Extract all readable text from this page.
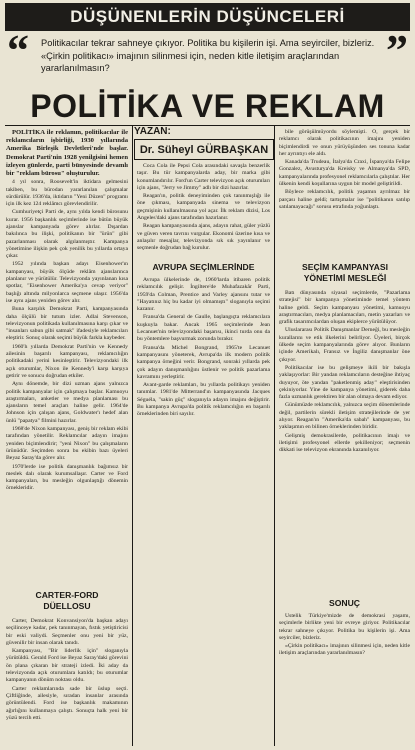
DÜŞÜNENLERİN DÜŞÜNCELERİ
“ Politikacılar tekrar sahneye çıkıyor. Politika bu kişilerin işi. Ama seyirciler, bizleriz. «Çirkin politikacı» imajının silinmesi için, neden kitle iletişim araçlarından yararlanılmasın?	”
POLİTİKA VE REKLAM
YAZAN:
Dr. Süheyl GÜRBAŞKAN

POLİTİKA ile reklamın, politikacılar ile reklamcıların işbirliği, 1930 yıllarında Amerika Birleşik Devletleri'nde başlar. Demokrat Parti'nin 1928 yenilgisini hemen izleyen günlerde, parti bünyesinde devamlı bir "reklam bürosu" oluşturulur.

4 yıl sonra, Roosevelt'in iktidara gelmesini takiben, bu bürodan yararlanılan çalışmalar sürdürülür. 1936'da, iktidarın "Yeni Düzen" programı için ilk kez 124 reklâmcı görevlendirilir.

Cumhuriyetçi Parti de, aynı yılda kendi bürosunu kurar. 1956 başkanlık seçimlerinde ise bütün büyük ajanslar kampanyada görev alırlar. Dışardan bakılınca bu ilişki, politikanın bir "ürün" gibi pazarlanması olarak algılanmıştır. Kampanya yönetimine ilişkin pek çok yenilik bu yıllarda ortaya çıkar.

1952 yılında başkan adayı Eisenhower'ın kampanyası, büyük ölçüde reklâm ajanslarınca planlanır ve yürütülür. Televizyonda yayınlanan kısa spotlar, "Eisenhower Amerika'ya cevap veriyor" başlığı altında milyonlarca seçmene ulaşır. 1956'da ise aynı ajans yeniden görev alır.

Buna karşılık Demokrat Parti, kampanyasında daha ölçülü bir tutum izler. Adlai Stevenson, televizyonun politikada kullanılmasına karşı çıkar ve "insanları sabun gibi satmak" ifadesiyle reklamcıları eleştirir. Sonuç olarak seçimi büyük farkla kaybeder.

1960'lı yıllarda Demokrat Parti'nin ve Kennedy ailesinin başarılı kampanyası, reklamcılığın politikadaki yerini kesinleştirir. Televizyondaki ilk açık oturumlar, Nixon ile Kennedy'i karşı karşıya getirir ve sonucu doğrudan etkiler.

Aynı dönemde, bir dizi uzman ajans yalnızca politik kampanyalar için çalışmaya başlar. Kamuoyu araştırmaları, anketler ve medya planlaması bu ajansların temel araçları haline gelir. 1964'de Johnson için çalışan ajans, Goldwater'ı hedef alan ünlü "papatya" filmini hazırlar.

1968'de Nixon kampanyası, geniş bir reklam ekibi tarafından yönetilir. Reklamcılar adayın imajını yeniden biçimlendirir; "yeni Nixon" bu çalışmaların ürünüdür. Seçimden sonra bu ekibin bazı üyeleri Beyaz Saray'da görev alır.

1970'lerde ise politik danışmanlık bağımsız bir meslek dalı olarak kurumsallaşır. Carter ve Ford kampanyaları, bu mesleğin olgunlaştığı dönemin örnekleridir.

CARTER-FORD DÜELLOSU

Carter, Demokrat Konvansiyon'da başkan adayı seçilinceye kadar, pek tanınmayan, fıstık yetiştiricisi bir eski valiydi. Seçmenler onu yeni bir yüz, güvenilir bir insan olarak tanıdı.

Kampanyası, "Bir liderlik için" sloganıyla yürütüldü. Gerald Ford ise Beyaz Saray'daki görevini ön plana çıkaran bir strateji izledi. İki aday da televizyonda açık oturumlara katıldı; bu oturumlar kampanyanın dönüm noktası oldu.

Carter reklamlarında sade bir üslup seçti. Çiftliğinde, ailesiyle, sıradan insanlar arasında görüntülendi. Ford ise başkanlık makamının ağırlığını kullanmaya çalıştı. Sonuçta halk yeni bir yüzü tercih etti.

Coca Cola ile Pepsi Cola arasındaki savaşla benzerlik taşır. Bu tür kampanyalarda aday, bir marka gibi konumlandırılır. Ford'un Carter televizyon açık oturumları için ajans, "Jerry ve Jimmy" adlı bir dizi hazırlar.

Reagan'ın, politik deneyiminden çok tanınmışlığı ile öne çıkması, kampanyada sinema ve televizyon geçmişinin kullanılmasına yol açar. İlk reklam dizisi, Los Angeles'daki ajans tarafından hazırlanır.

Reagan kampanyasında ajans, adayın rahat, güler yüzlü ve güven veren tavrını vurgular. Ekonomi üzerine kısa ve anlaşılır mesajlar, televizyonda sık sık yayınlanır ve seçmenle doğrudan bağ kurulur.

AVRUPA SEÇİMLERİNDE

Avrupa ülkelerinde de, 1960'larda itibaren politik reklamcılık gelişir. İngiltere'de Muhafazakâr Parti, 1959'da Colman, Prentice and Varley ajansını tutar ve "Hayatınız hiç bu kadar iyi olmamıştı" sloganıyla seçimi kazanır.

Fransa'da General de Gaulle, başlangıçta reklamcılara kuşkuyla bakar. Ancak 1965 seçimlerinde Jean Lecanuet'nin televizyondaki başarısı, ikinci turda onu da bu yöntemlere başvurmak zorunda bırakır.

Fransa'da Michel Bongrand, 1965'te Lecanuet kampanyasını yöneterek, Avrupa'da ilk modern politik kampanya örneğini verir. Bongrand, sonraki yıllarda pek çok adayın danışmanlığını üstlenir ve politik pazarlama kavramını yerleştirir.

Avant-garde reklamları, bu yıllarda politikayı yeniden tanımlar. 1981'de Mitterrand'ın kampanyasında Jacques Séguéla, "sakin güç" sloganıyla adayın imajını değiştirir. Bu kampanya Avrupa'da politik reklamcılığın en başarılı örneklerinden biri sayılır.

bile görüşülmüyordu söylemişti. O, gerçek bir reklamcı olarak politikacının imajını yeniden biçimlendirdi ve onun yürüyüşünden ses tonuna kadar her ayrıntıyı ele aldı.

Kanada'da Trudeau, İtalya'da Craxi, İspanya'da Felipe Gonzalez, Avusturya'da Kreisky ve Almanya'da SPD, kampanyalarında profesyonel reklamcılarla çalıştılar. Her ülkenin kendi koşullarına uygun bir model geliştirildi.

Böylece reklamcılık, politik yaşamın ayrılmaz bir parçası haline geldi; tartışmalar ise "politikanın satılıp satılamayacağı" sorusu etrafında yoğunlaştı.

SEÇİM KAMPANYASI YÖNETİMİ MESLEĞİ

Batı dünyasında siyasal seçimlerde, "Pazarlama stratejisi" bir kampanya yönetiminde temel yöntem haline geldi. Seçim kampanyası yönetimi, kamuoyu araştırmacıları, medya planlamacıları, metin yazarları ve grafik tasarımcılardan oluşan ekiplerce yürütülüyor.

Uluslararası Politik Danışmanlar Derneği, bu mesleğin kurallarını ve etik ilkelerini belirliyor. Üyeleri, birçok ülkede seçim kampanyalarında görev alıyor. Bunların içinde Amerikalı, Fransız ve İngiliz danışmanlar öne çıkıyor.

Politikacılar ise bu gelişmeye ikili bir bakışla yaklaşıyorlar: Bir yandan reklamcıların desteğine ihtiyaç duyuyor, öte yandan "paketlenmiş aday" eleştirisinden çekiniyorlar. Yine de kampanya yönetimi, giderek daha fazla uzmanlık gerektiren bir alan olmaya devam ediyor.

Günümüzde reklamcılık, yalnızca seçim dönemlerinde değil, partilerin sürekli iletişim stratejilerinde de yer alıyor. Reagan'ın "Amerika'da sabah" kampanyası, bu yaklaşımın en bilinen örneklerinden biridir.

Gelişmiş demokrasilerde, politikacının imajı ve iletişimi profesyonel ellerde şekilleniyor; seçmenin dikkati ise televizyon ekranında kazanılıyor.

SONUÇ

Üstelik Türkiye'mizde de demokrasi yaşamı, seçimlerle birlikte yeni bir evreye giriyor. Politikacılar tekrar sahneye çıkıyor. Politika bu kişilerin işi. Ama seyirciler, bizleriz.

«Çirkin politikacı» imajının silinmesi için, neden kitle iletişim araçlarından yararlanılmasın?
